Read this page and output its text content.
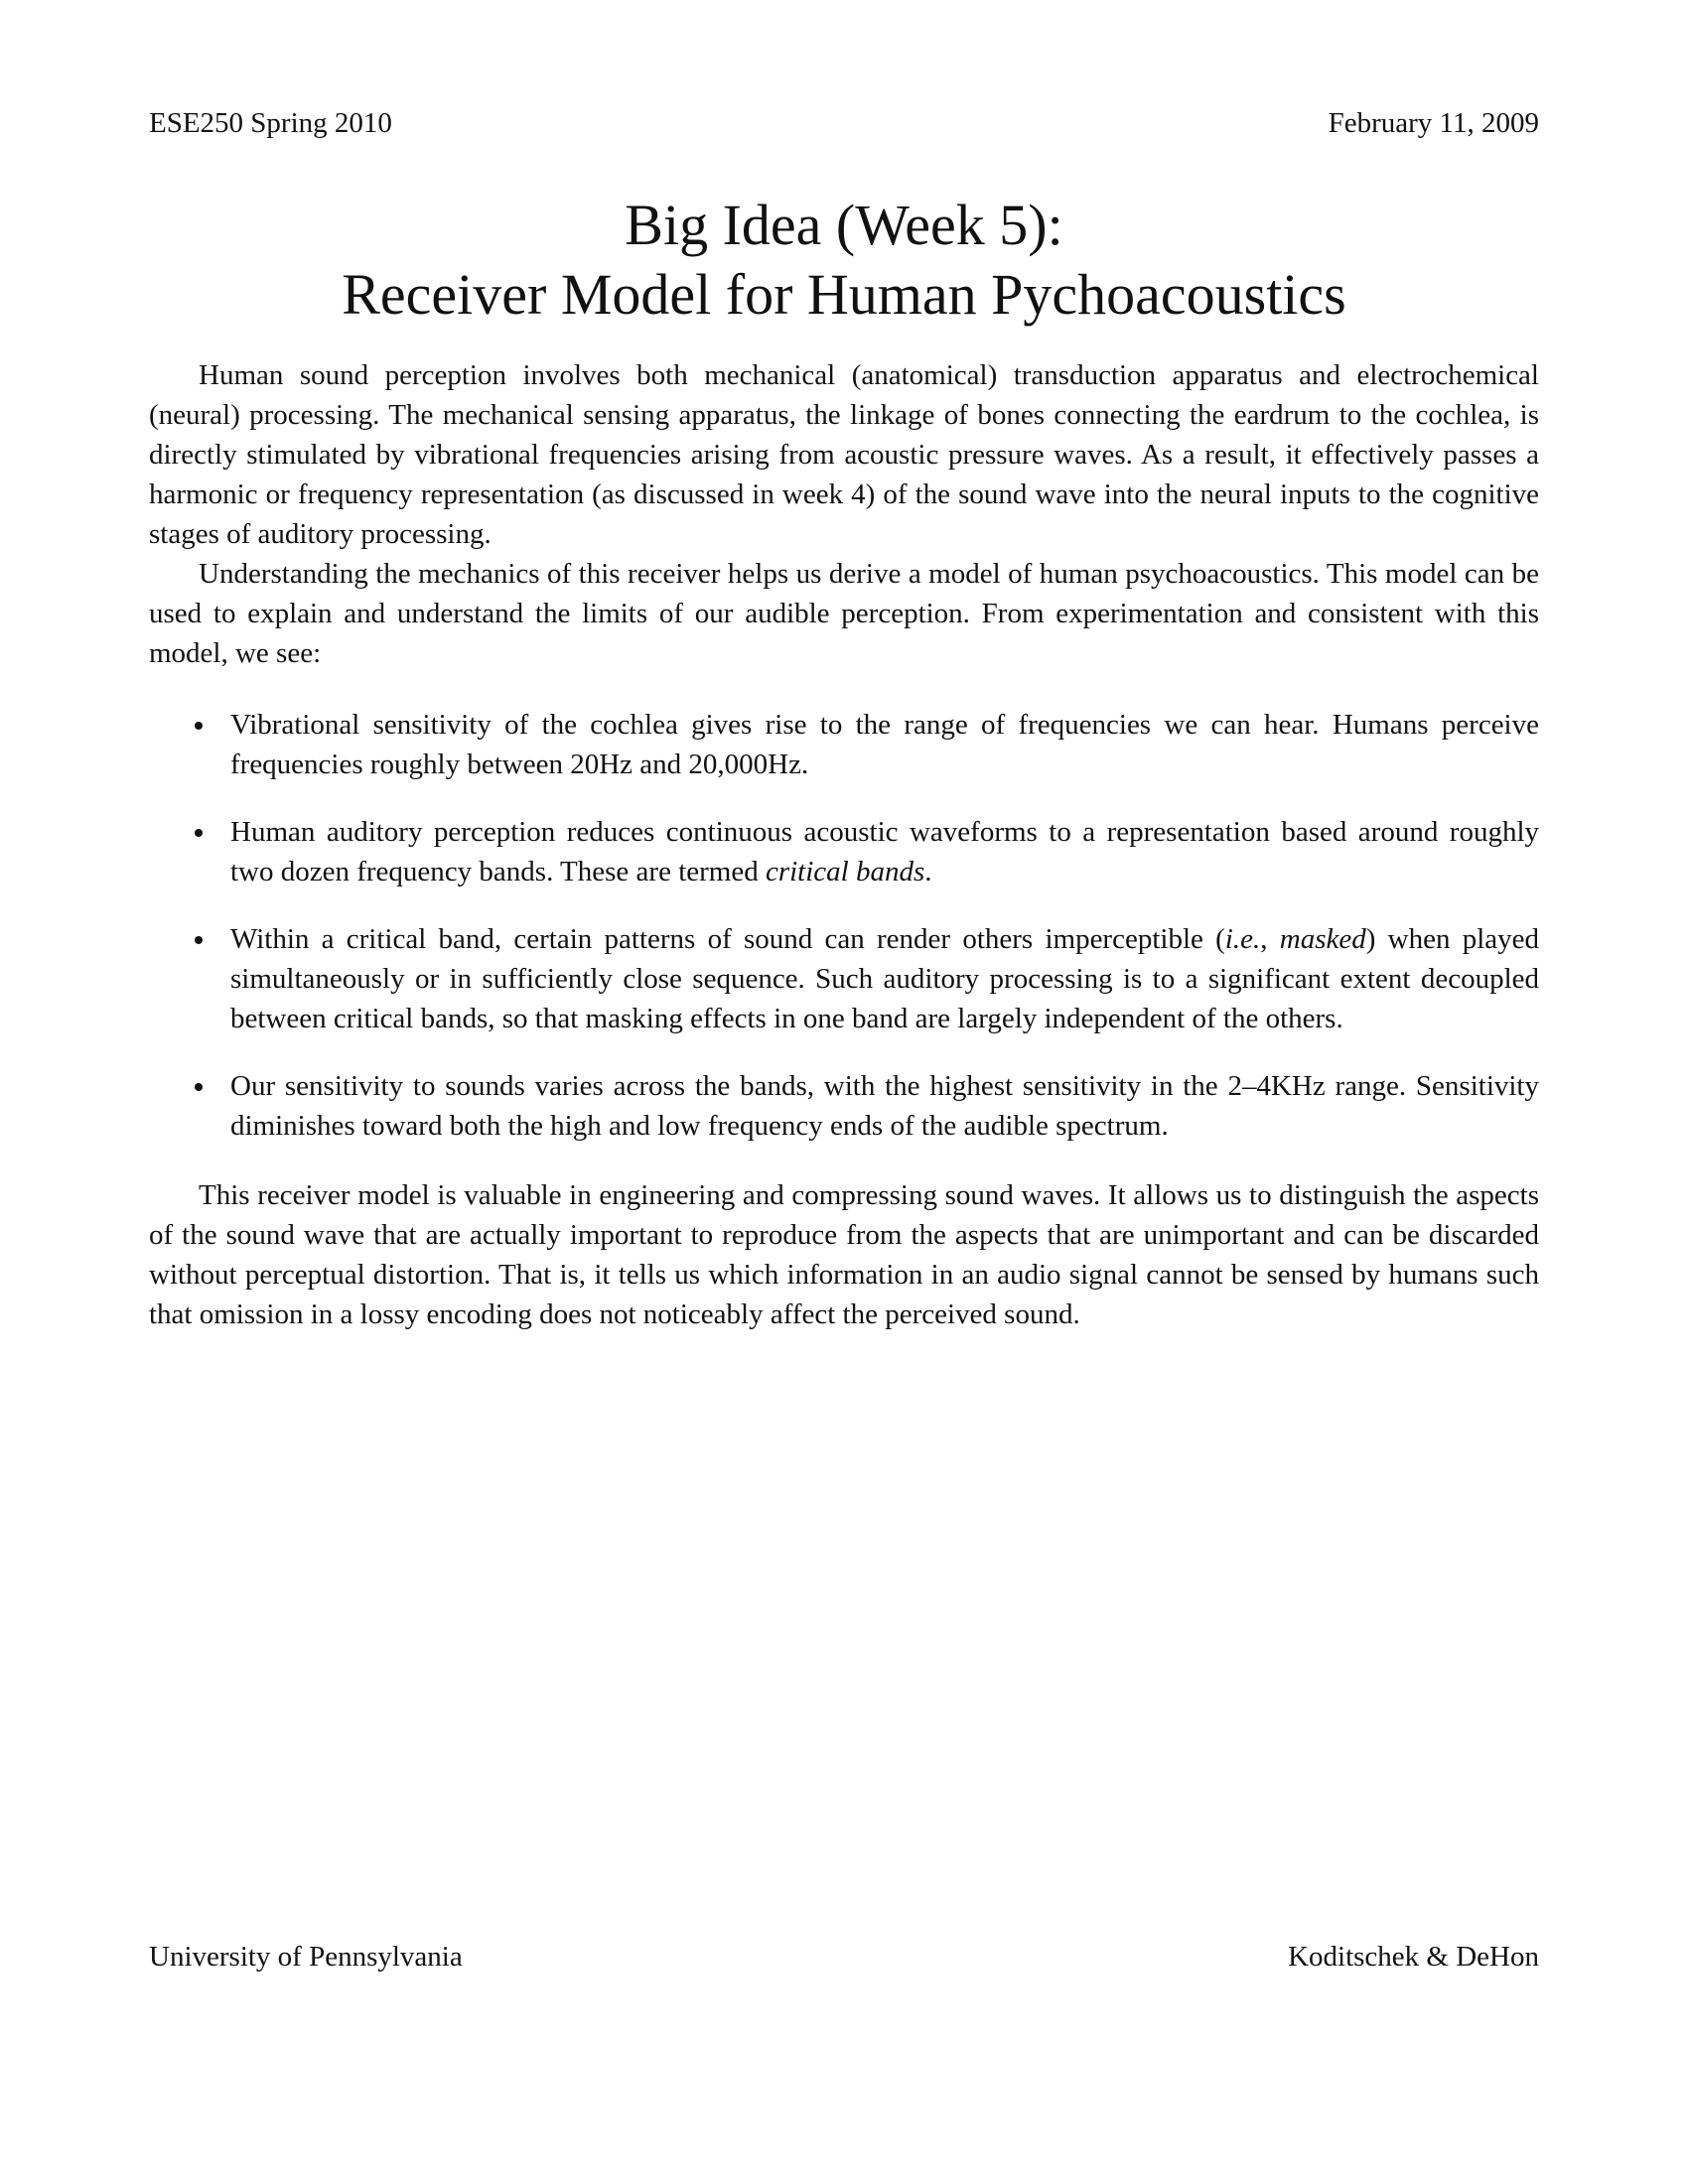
ESE250 Spring 2010	February 11, 2009
Big Idea (Week 5):
Receiver Model for Human Pychoacoustics

Human sound perception involves both mechanical (anatomical) transduction apparatus and electrochemical (neural) processing. The mechanical sensing apparatus, the linkage of bones connecting the eardrum to the cochlea, is directly stimulated by vibrational frequencies arising from acoustic pressure waves. As a result, it effectively passes a harmonic or frequency representation (as discussed in week 4) of the sound wave into the neural inputs to the cognitive stages of auditory processing.

Understanding the mechanics of this receiver helps us derive a model of human psychoacoustics. This model can be used to explain and understand the limits of our audible perception. From experimentation and consistent with this model, we see:

Vibrational sensitivity of the cochlea gives rise to the range of frequencies we can hear. Humans perceive frequencies roughly between 20Hz and 20,000Hz.
Human auditory perception reduces continuous acoustic waveforms to a representation based around roughly two dozen frequency bands. These are termed critical bands.
Within a critical band, certain patterns of sound can render others imperceptible (i.e., masked) when played simultaneously or in sufficiently close sequence. Such auditory processing is to a significant extent decoupled between critical bands, so that masking effects in one band are largely independent of the others.
Our sensitivity to sounds varies across the bands, with the highest sensitivity in the 2–4KHz range. Sensitivity diminishes toward both the high and low frequency ends of the audible spectrum.

This receiver model is valuable in engineering and compressing sound waves. It allows us to distinguish the aspects of the sound wave that are actually important to reproduce from the aspects that are unimportant and can be discarded without perceptual distortion. That is, it tells us which information in an audio signal cannot be sensed by humans such that omission in a lossy encoding does not noticeably affect the perceived sound.

University of Pennsylvania	Koditschek & DeHon
